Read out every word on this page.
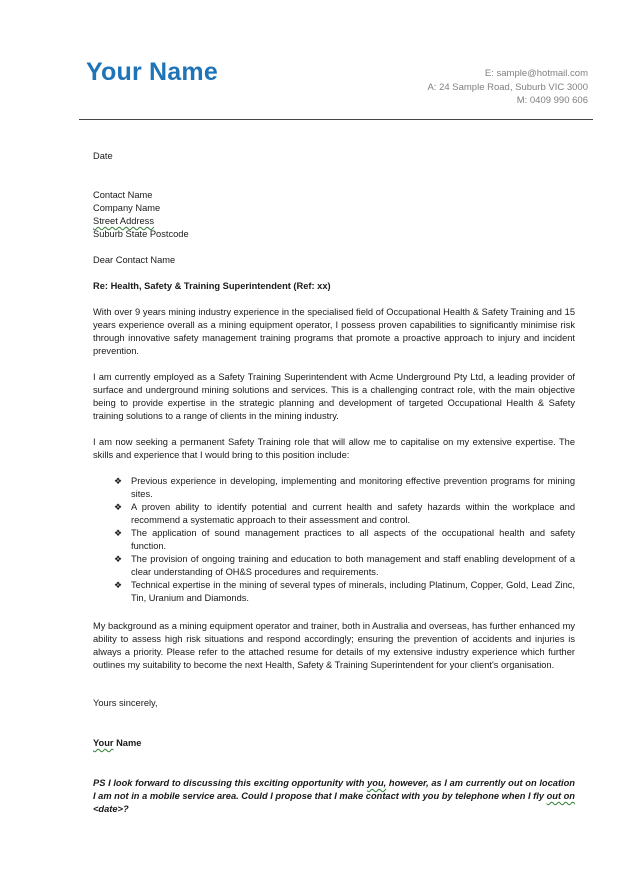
Your Name	E: sample@hotmail.com
A: 24 Sample Road, Suburb VIC 3000
M: 0409 990 606
Date
Contact Name
Company Name
Street Address
Suburb State Postcode
Dear Contact Name
Re: Health, Safety & Training Superintendent (Ref: xx)
With over 9 years mining industry experience in the specialised field of Occupational Health & Safety Training and 15 years experience overall as a mining equipment operator, I possess proven capabilities to significantly minimise risk through innovative safety management training programs that promote a proactive approach to injury and incident prevention.
I am currently employed as a Safety Training Superintendent with Acme Underground Pty Ltd, a leading provider of surface and underground mining solutions and services. This is a challenging contract role, with the main objective being to provide expertise in the strategic planning and development of targeted Occupational Health & Safety training solutions to a range of clients in the mining industry.
I am now seeking a permanent Safety Training role that will allow me to capitalise on my extensive expertise. The skills and experience that I would bring to this position include:
❖ Previous experience in developing, implementing and monitoring effective prevention programs for mining sites.
❖ A proven ability to identify potential and current health and safety hazards within the workplace and recommend a systematic approach to their assessment and control.
❖ The application of sound management practices to all aspects of the occupational health and safety function.
❖ The provision of ongoing training and education to both management and staff enabling development of a clear understanding of OH&S procedures and requirements.
❖ Technical expertise in the mining of several types of minerals, including Platinum, Copper, Gold, Lead Zinc, Tin, Uranium and Diamonds.
My background as a mining equipment operator and trainer, both in Australia and overseas, has further enhanced my ability to assess high risk situations and respond accordingly; ensuring the prevention of accidents and injuries is always a priority. Please refer to the attached resume for details of my extensive industry experience which further outlines my suitability to become the next Health, Safety & Training Superintendent for your client's organisation.
Yours sincerely,
Your Name
PS I look forward to discussing this exciting opportunity with you, however, as I am currently out on location I am not in a mobile service area. Could I propose that I make contact with you by telephone when I fly out on <date>?
